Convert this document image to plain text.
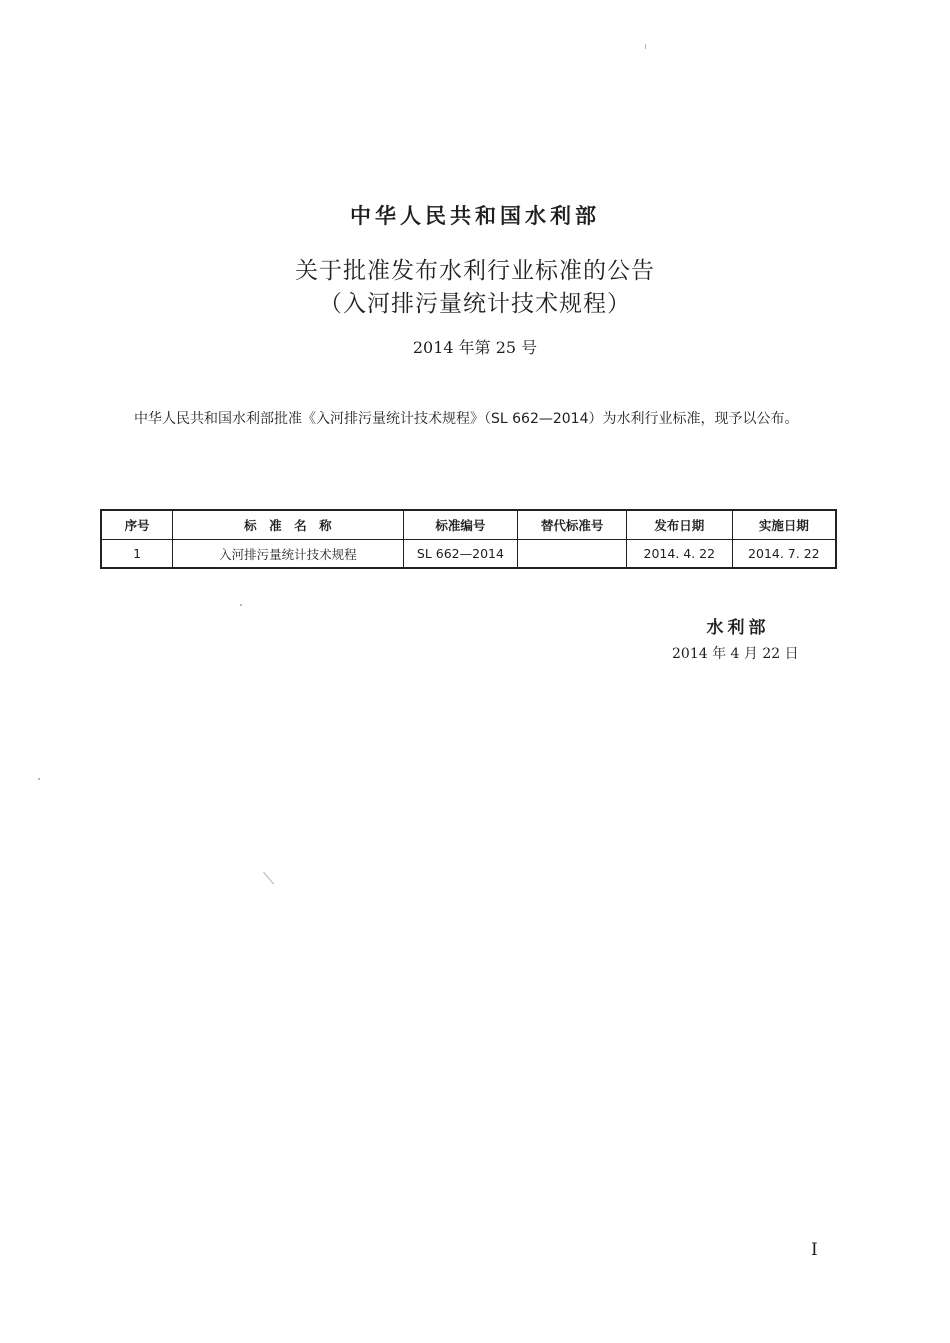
中华人民共和国水利部
关于批准发布水利行业标准的公告
（入河排污量统计技术规程）
2014 年第 25 号
中华人民共和国水利部批准《入河排污量统计技术规程》（SL 662—2014）为水利行业标准，现予以公布。
序号	标　准　名　称	标准编号	替代标准号	发布日期	实施日期
1	入河排污量统计技术规程	SL 662—2014		2014. 4. 22	2014. 7. 22
水利部
2014 年 4 月 22 日
I
